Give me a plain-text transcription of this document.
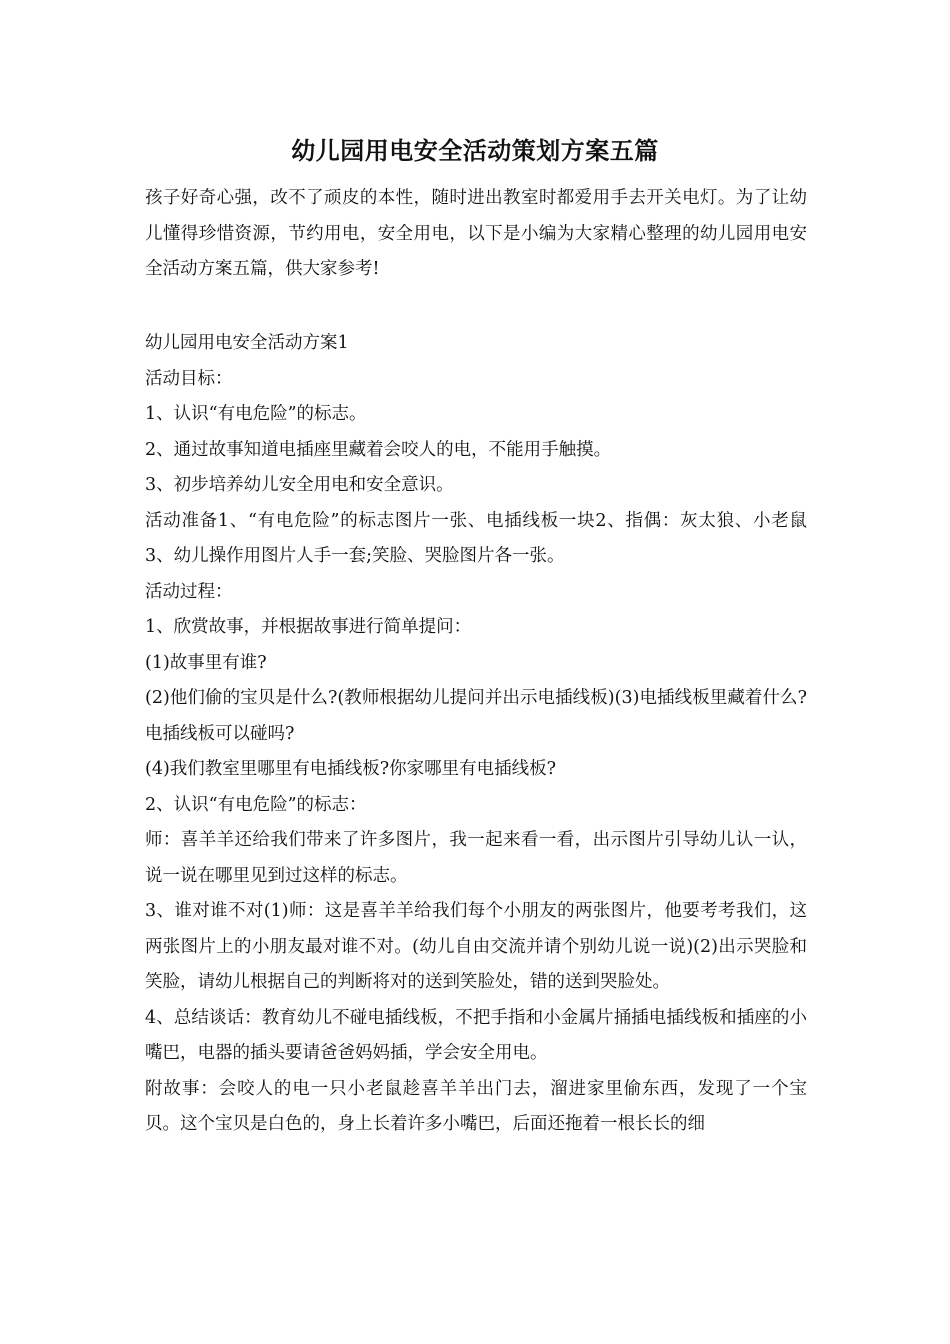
幼儿园用电安全活动策划方案五篇
孩子好奇心强，改不了顽皮的本性，随时进出教室时都爱用手去开关电灯。为了让幼儿懂得珍惜资源，节约用电，安全用电，以下是小编为大家精心整理的幼儿园用电安全活动方案五篇，供大家参考!

幼儿园用电安全活动方案1

活动目标：

1、认识“有电危险”的标志。

2、通过故事知道电插座里藏着会咬人的电，不能用手触摸。

3、初步培养幼儿安全用电和安全意识。

活动准备1、“有电危险”的标志图片一张、电插线板一块2、指偶：灰太狼、小老鼠3、幼儿操作用图片人手一套;笑脸、哭脸图片各一张。

活动过程：

1、欣赏故事，并根据故事进行简单提问：

(1)故事里有谁?

(2)他们偷的宝贝是什么?(教师根据幼儿提问并出示电插线板)(3)电插线板里藏着什么?电插线板可以碰吗?

(4)我们教室里哪里有电插线板?你家哪里有电插线板?

2、认识“有电危险”的标志：

师：喜羊羊还给我们带来了许多图片，我一起来看一看，出示图片引导幼儿认一认，说一说在哪里见到过这样的标志。

3、谁对谁不对(1)师：这是喜羊羊给我们每个小朋友的两张图片，他要考考我们，这两张图片上的小朋友最对谁不对。(幼儿自由交流并请个别幼儿说一说)(2)出示哭脸和笑脸，请幼儿根据自己的判断将对的送到笑脸处，错的送到哭脸处。

4、总结谈话：教育幼儿不碰电插线板，不把手指和小金属片捅插电插线板和插座的小嘴巴，电器的插头要请爸爸妈妈插，学会安全用电。

附故事：会咬人的电一只小老鼠趁喜羊羊出门去，溜进家里偷东西，发现了一个宝贝。这个宝贝是白色的，身上长着许多小嘴巴，后面还拖着一根长长的细
